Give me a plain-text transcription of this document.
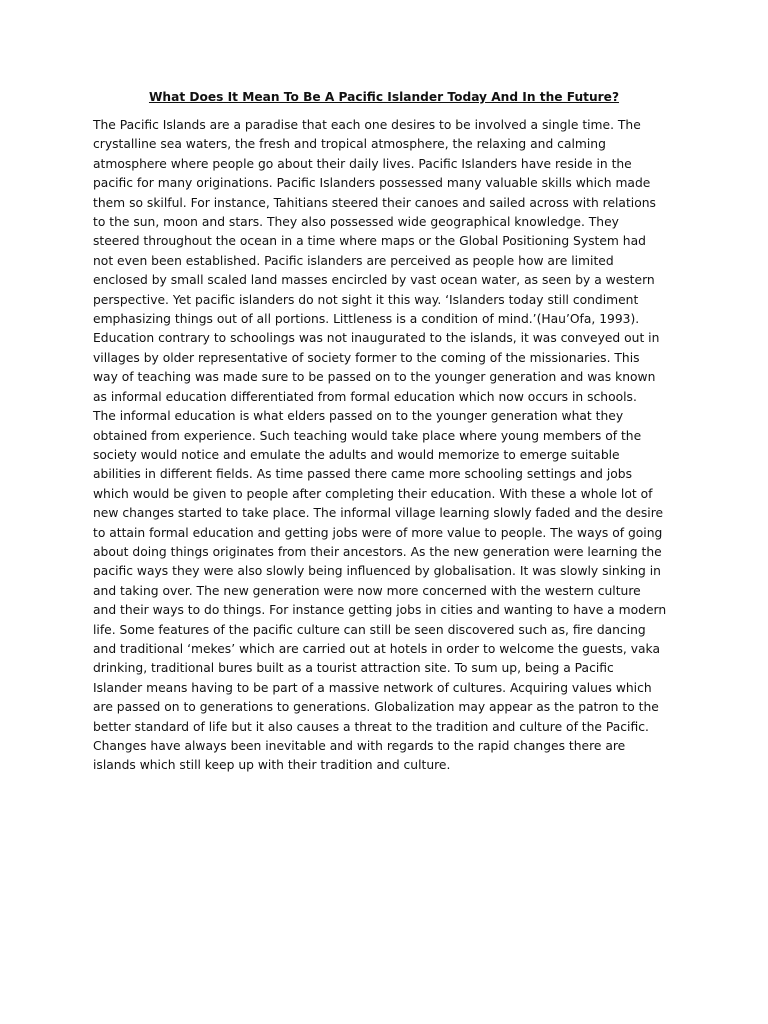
What Does It Mean To Be A Pacific Islander Today And In the Future?
The Pacific Islands are a paradise that each one desires to be involved a single time. The
crystalline sea waters, the fresh and tropical atmosphere, the relaxing and calming
atmosphere where people go about their daily lives. Pacific Islanders have reside in the
pacific for many originations. Pacific Islanders possessed many valuable skills which made
them so skilful. For instance, Tahitians steered their canoes and sailed across with relations
to the sun, moon and stars. They also possessed wide geographical knowledge. They
steered throughout the ocean in a time where maps or the Global Positioning System had
not even been established. Pacific islanders are perceived as people how are limited
enclosed by small scaled land masses encircled by vast ocean water, as seen by a western
perspective. Yet pacific islanders do not sight it this way. ‘Islanders today still condiment
emphasizing things out of all portions. Littleness is a condition of mind.’(Hau’Ofa, 1993).
Education contrary to schoolings was not inaugurated to the islands, it was conveyed out in
villages by older representative of society former to the coming of the missionaries. This
way of teaching was made sure to be passed on to the younger generation and was known
as informal education differentiated from formal education which now occurs in schools.
The informal education is what elders passed on to the younger generation what they
obtained from experience. Such teaching would take place where young members of the
society would notice and emulate the adults and would memorize to emerge suitable
abilities in different fields. As time passed there came more schooling settings and jobs
which would be given to people after completing their education. With these a whole lot of
new changes started to take place. The informal village learning slowly faded and the desire
to attain formal education and getting jobs were of more value to people. The ways of going
about doing things originates from their ancestors. As the new generation were learning the
pacific ways they were also slowly being influenced by globalisation. It was slowly sinking in
and taking over. The new generation were now more concerned with the western culture
and their ways to do things. For instance getting jobs in cities and wanting to have a modern
life. Some features of the pacific culture can still be seen discovered such as, fire dancing
and traditional ‘mekes’ which are carried out at hotels in order to welcome the guests, vaka
drinking, traditional bures built as a tourist attraction site. To sum up, being a Pacific
Islander means having to be part of a massive network of cultures. Acquiring values which
are passed on to generations to generations. Globalization may appear as the patron to the
better standard of life but it also causes a threat to the tradition and culture of the Pacific.
Changes have always been inevitable and with regards to the rapid changes there are
islands which still keep up with their tradition and culture.
